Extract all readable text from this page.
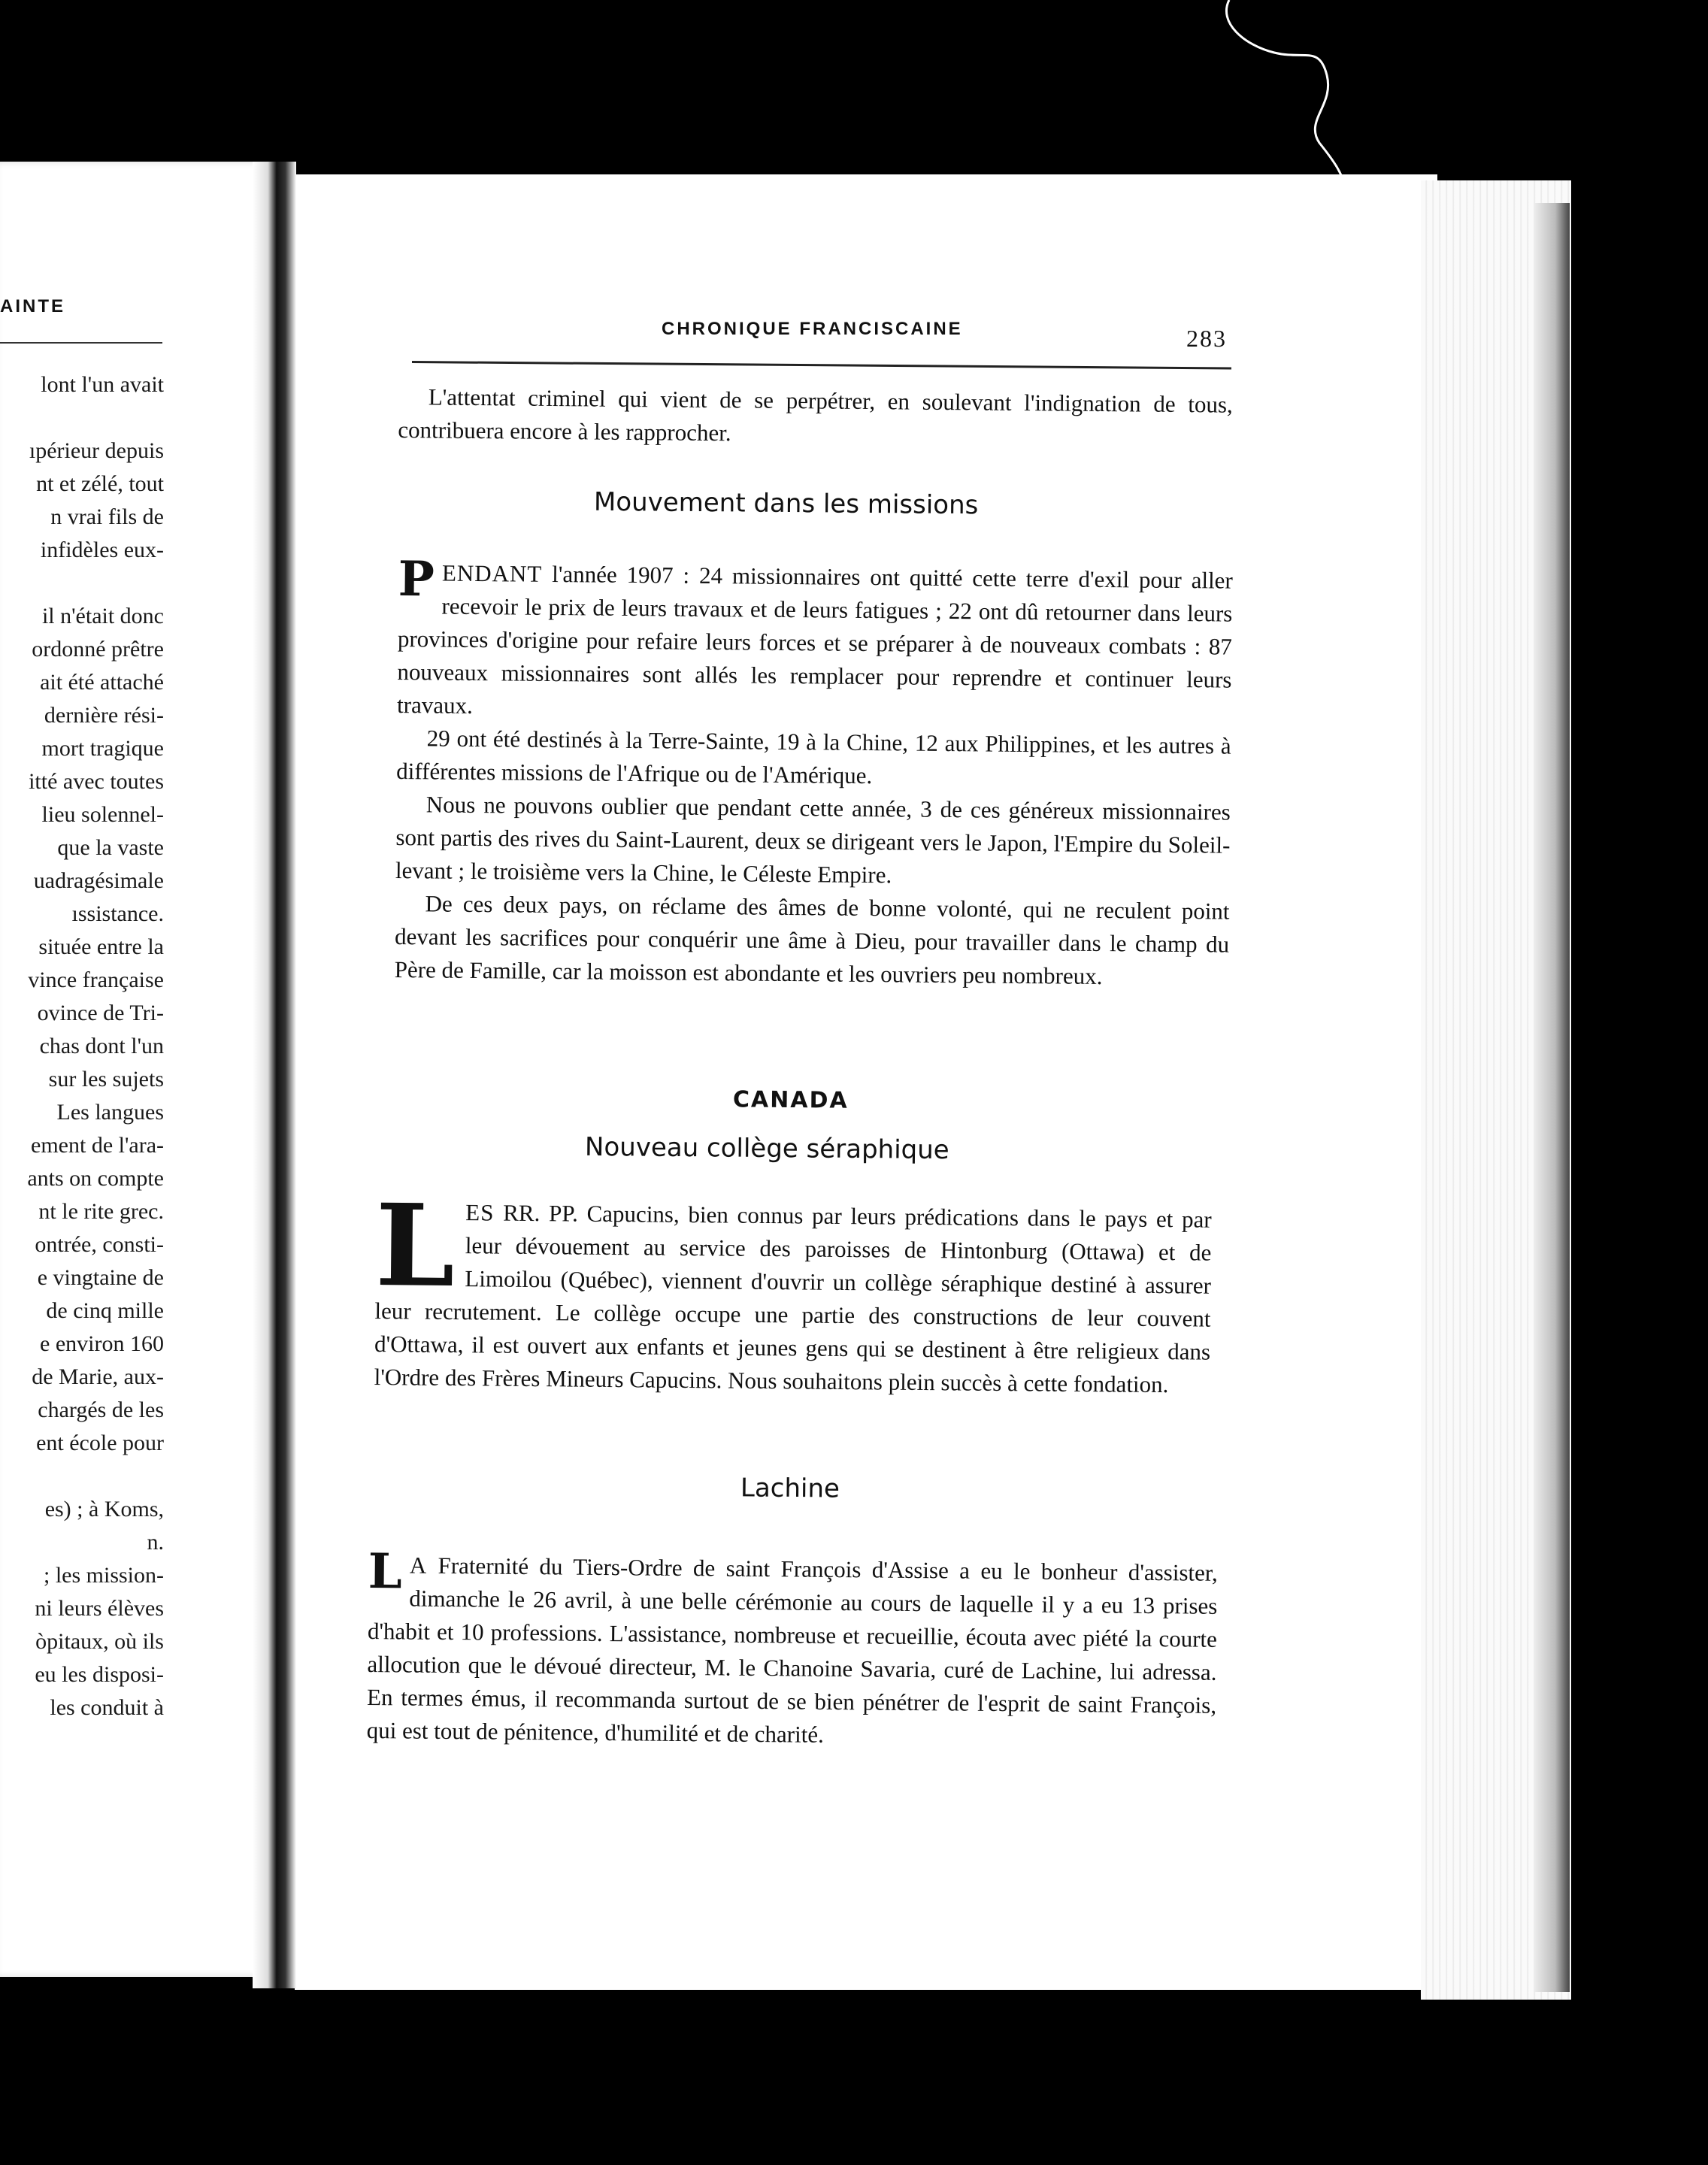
AINTE
lont l'un avait
ıpérieur depuis
nt et zélé, tout
n vrai fils de
infidèles eux-
il n'était donc
ordonné prêtre
ait été attaché
dernière rési-
mort tragique
itté avec toutes
lieu solennel-
que la vaste
uadragésimale
ıssistance.
située entre la
vince française
ovince de Tri-
chas dont l'un
sur les sujets
Les langues
ement de l'ara-
ants on compte
nt le rite grec.
ontrée, consti-
e vingtaine de
de cinq mille
e environ 160
de Marie, aux-
chargés de les
ent école pour
es) ; à Koms,
n.
; les mission-
ni leurs élèves
òpitaux, où ils
eu les disposi-
les conduit à
CHRONIQUE FRANCISCAINE	283

L'attentat criminel qui vient de se perpétrer, en soulevant l'indignation de tous, contribuera encore à les rapprocher.

Mouvement dans les missions

PENDANT l'année 1907 : 24 missionnaires ont quitté cette terre d'exil pour aller recevoir le prix de leurs travaux et de leurs fatigues ; 22 ont dû retourner dans leurs provinces d'origine pour refaire leurs forces et se préparer à de nouveaux combats : 87 nouveaux missionnaires sont allés les remplacer pour reprendre et continuer leurs travaux.

29 ont été destinés à la Terre-Sainte, 19 à la Chine, 12 aux Philippines, et les autres à différentes missions de l'Afrique ou de l'Amérique.

Nous ne pouvons oublier que pendant cette année, 3 de ces généreux missionnaires sont partis des rives du Saint-Laurent, deux se dirigeant vers le Japon, l'Empire du Soleil-levant ; le troisième vers la Chine, le Céleste Empire.

De ces deux pays, on réclame des âmes de bonne volonté, qui ne reculent point devant les sacrifices pour conquérir une âme à Dieu, pour travailler dans le champ du Père de Famille, car la moisson est abondante et les ouvriers peu nombreux.

CANADA
Nouveau collège séraphique

LES RR. PP. Capucins, bien connus par leurs prédications dans le pays et par leur dévouement au service des paroisses de Hintonburg (Ottawa) et de Limoilou (Québec), viennent d'ouvrir un collège séraphique destiné à assurer leur recrutement. Le collège occupe une partie des constructions de leur couvent d'Ottawa, il est ouvert aux enfants et jeunes gens qui se destinent à être religieux dans l'Ordre des Frères Mineurs Capucins. Nous souhaitons plein succès à cette fondation.

Lachine

L A Fraternité du Tiers-Ordre de saint François d'Assise a eu le bonheur d'assister, dimanche le 26 avril, à une belle cérémonie au cours de laquelle il y a eu 13 prises d'habit et 10 professions. L'assistance, nombreuse et recueillie, écouta avec piété la courte allocution que le dévoué directeur, M. le Chanoine Savaria, curé de Lachine, lui adressa. En termes émus, il recommanda surtout de se bien pénétrer de l'esprit de saint François, qui est tout de pénitence, d'humilité et de charité.
